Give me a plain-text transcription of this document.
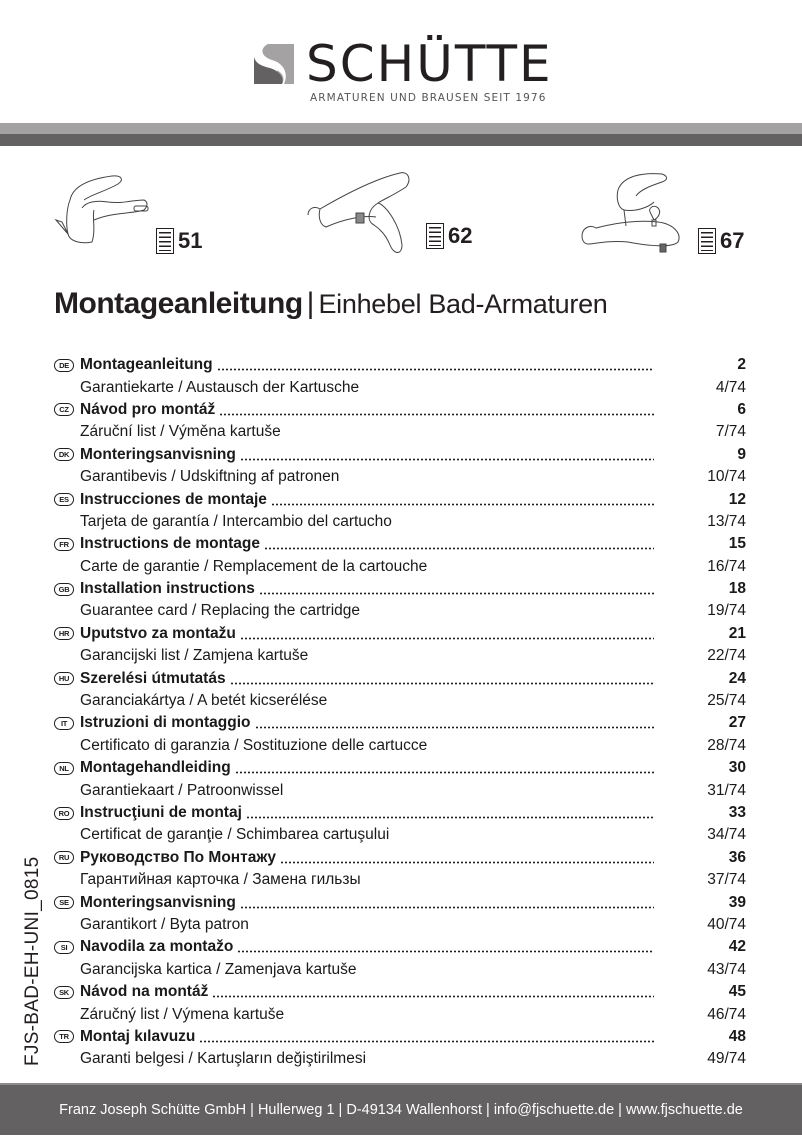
SCHÜTTE
ARMATUREN UND BRAUSEN SEIT 1976
51	62	67
Montageanleitung | Einhebel Bad-Armaturen
DE Montageanleitung	2
Garantiekarte / Austausch der Kartusche	4/74
CZ Návod pro montáž	6
Záruční list / Výměna kartuše	7/74
DK Monteringsanvisning	9
Garantibevis / Udskiftning af patronen	10/74
ES Instrucciones de montaje	12
Tarjeta de garantía / Intercambio del cartucho	13/74
FR Instructions de montage	15
Carte de garantie / Remplacement de la cartouche	16/74
GB Installation instructions	18
Guarantee card / Replacing the cartridge	19/74
HR Uputstvo za montažu	21
Garancijski list / Zamjena kartuše	22/74
HU Szerelési útmutatás	24
Garanciakártya / A betét kicserélése	25/74
IT Istruzioni di montaggio	27
Certificato di garanzia / Sostituzione delle cartucce	28/74
NL Montagehandleiding	30
Garantiekaart / Patroonwissel	31/74
RO Instrucţiuni de montaj	33
Certificat de garanţie / Schimbarea cartuşului	34/74
RU Руководство По Монтажу	36
Гарантийная карточка / Замена гильзы	37/74
SE Monteringsanvisning	39
Garantikort / Byta patron	40/74
SI Navodila za montažo	42
Garancijska kartica / Zamenjava kartuše	43/74
SK Návod na montáž	45
Záručný list / Výmena kartuše	46/74
TR Montaj kılavuzu	48
Garanti belgesi / Kartuşların değiştirilmesi	49/74
FJS-BAD-EH-UNI_0815
Franz Joseph Schütte GmbH | Hullerweg 1 | D-49134 Wallenhorst | info@fjschuette.de | www.fjschuette.de
